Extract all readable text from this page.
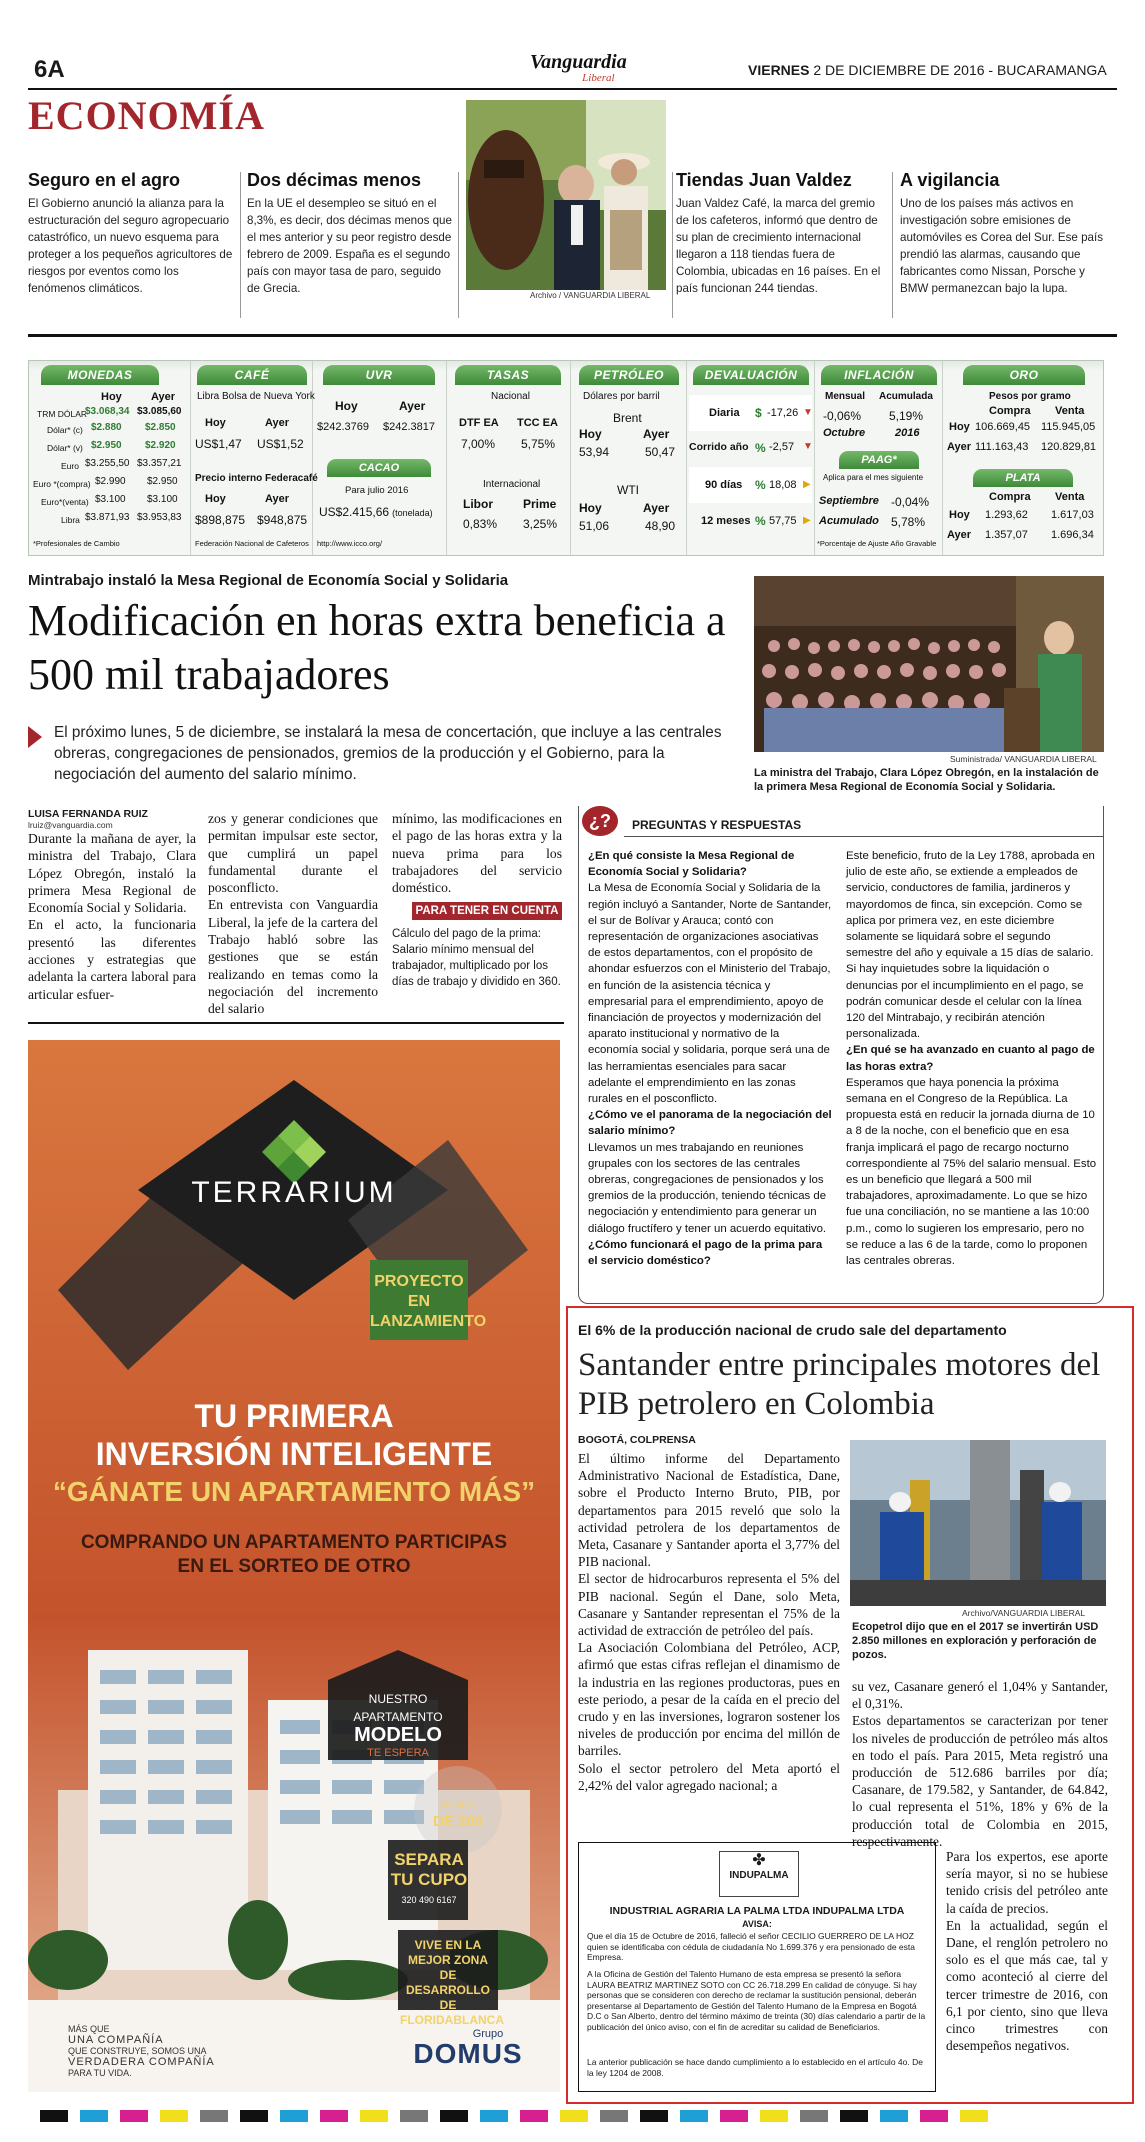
6A	Vanguardia
Liberal	VIERNES 2 DE DICIEMBRE DE 2016 - BUCARAMANGA
ECONOMÍA
Seguro en el agro

El Gobierno anunció la alianza para la estructuración del seguro agropecuario catastrófico, un nuevo esquema para proteger a los pequeños agricultores de riesgos por eventos como los fenómenos climáticos.

Dos décimas menos

En la UE el desempleo se situó en el 8,3%, es decir, dos décimas menos que el mes anterior y su peor registro desde febrero de 2009. España es el segundo país con mayor tasa de paro, seguido de Grecia.

Archivo / VANGUARDIA LIBERAL
Tiendas Juan Valdez

Juan Valdez Café, la marca del gremio de los cafeteros, informó que dentro de su plan de crecimiento internacional llegaron a 118 tiendas fuera de Colombia, ubicadas en 16 países. En el país funcionan 244 tiendas.

A vigilancia

Uno de los países más activos en investigación sobre emisiones de automóviles es Corea del Sur. Ese país prendió las alarmas, causando que fabricantes como Nissan, Porsche y BMW permanezcan bajo la lupa.

MONEDAS
Hoy	Ayer
TRM DÓLAR
$3.068,34 $3.085,60
Dólar* (c) $2.880 $2.850
Dólar* (v) $2.950 $2.920
Euro $3.255,50 $3.357,21
Euro *(compra) $2.990 $2.950
Euro*(venta) $3.100 $3.100
Libra $3.871,93 $3.953,83
*Profesionales de Cambio
CAFÉ
Libra Bolsa de Nueva York
Hoy	Ayer
US$1,47 US$1,52
Precio interno Federacafé
Hoy	Ayer
$898,875 $948,875
Federación Nacional de Cafeteros
UVR
Hoy	Ayer
$242.3769 $242.3817
CACAO
Para julio 2016
US$2.415,66 (tonelada)
http://www.icco.org/
TASAS
Nacional
DTF EA TCC EA
7,00% 5,75%
Internacional
Libor	Prime
0,83% 3,25%
PETRÓLEO
Dólares por barril
Brent
Hoy	Ayer
53,94	50,47
WTI
Hoy	Ayer
51,06	48,90
DEVALUACIÓN
Diaria $ -17,26 ▼
Corrido año % -2,57 ▼
90 días % 18,08 ▶
12 meses % 57,75 ▶
INFLACIÓN
Mensual Acumulada
-0,06% 5,19%
Octubre	2016
PAAG*
Aplica para el mes siguiente
Septiembre -0,04%
Acumulado 5,78%
*Porcentaje de Ajuste Año Gravable
ORO
Pesos por gramo
Compra Venta
Hoy 106.669,45 115.945,05
Ayer 111.163,43 120.829,81
PLATA
Compra Venta
Hoy 1.293,62 1.617,03
Ayer 1.357,07 1.696,34
Mintrabajo instaló la Mesa Regional de Economía Social y Solidaria
Modificación en horas extra beneficia a 500 mil trabajadores
El próximo lunes, 5 de diciembre, se instalará la mesa de concertación, que incluye a las centrales obreras, congregaciones de pensionados, gremios de la producción y el Gobierno, para la negociación del aumento del salario mínimo.
Suministrada/ VANGUARDIA LIBERAL
La ministra del Trabajo, Clara López Obregón, en la instalación de la primera Mesa Regional de Economía Social y Solidaria.
LUISA FERNANDA RUIZ
lruiz@vanguardia.com
Durante la mañana de ayer, la ministra del Trabajo, Clara López Obregón, instaló la primera Mesa Regional de Economía Social y Solidaria.
En el acto, la funcionaria presentó las diferentes acciones y estrategias que adelanta la cartera laboral para articular esfuer-
zos y generar condiciones que permitan impulsar este sector, que cumplirá un papel fundamental durante el posconflicto.
En entrevista con Vanguardia Liberal, la jefe de la cartera del Trabajo habló sobre las gestiones que se están realizando en temas como la negociación del incremento del salario
mínimo, las modificaciones en el pago de las horas extra y la nueva prima para los trabajadores del servicio doméstico.
PARA TENER EN CUENTA
Cálculo del pago de la prima: Salario mínimo mensual del trabajador, multiplicado por los días de trabajo y dividido en 360.
¿?	PREGUNTAS Y RESPUESTAS
¿En qué consiste la Mesa Regional de Economía Social y Solidaria?
La Mesa de Economía Social y Solidaria de la región incluyó a Santander, Norte de Santander, el sur de Bolívar y Arauca; contó con representación de organizaciones asociativas de estos departamentos, con el propósito de ahondar esfuerzos con el Ministerio del Trabajo, en función de la asistencia técnica y empresarial para el emprendimiento, apoyo de financiación de proyectos y modernización del aparato institucional y normativo de la economía social y solidaria, porque será una de las herramientas esenciales para sacar adelante el emprendimiento en las zonas rurales en el posconflicto.
¿Cómo ve el panorama de la negociación del salario mínimo?
Llevamos un mes trabajando en reuniones grupales con los sectores de las centrales obreras, congregaciones de pensionados y los gremios de la producción, teniendo técnicas de negociación y entendimiento para generar un diálogo fructífero y tener un acuerdo equitativo.
¿Cómo funcionará el pago de la prima para el servicio doméstico?
Este beneficio, fruto de la Ley 1788, aprobada en julio de este año, se extiende a empleados de servicio, conductores de familia, jardineros y mayordomos de finca, sin excepción. Como se aplica por primera vez, en este diciembre solamente se liquidará sobre el segundo semestre del año y equivale a 15 días de salario.
Si hay inquietudes sobre la liquidación o denuncias por el incumplimiento en el pago, se podrán comunicar desde el celular con la línea 120 del Mintrabajo, y recibirán atención personalizada.
¿En qué se ha avanzado en cuanto al pago de las horas extra?
Esperamos que haya ponencia la próxima semana en el Congreso de la República. La propuesta está en reducir la jornada diurna de 10 a 8 de la noche, con el beneficio que en esa franja implicará el pago de recargo nocturno correspondiente al 75% del salario mensual. Esto es un beneficio que llegará a 500 mil trabajadores, aproximadamente. Lo que se hizo fue una conciliación, no se mantiene a las 10:00 p.m., como lo sugieren los empresario, pero no se reduce a las 6 de la tarde, como lo proponen las centrales obreras.
TERRARIUM
PROYECTO EN LANZAMIENTO
TU PRIMERA
INVERSIÓN INTELIGENTE
“GÁNATE UN APARTAMENTO MÁS”
COMPRANDO UN APARTAMENTO PARTICIPAS
EN EL SORTEO DE OTRO
NUESTRO
APARTAMENTO
MODELO
TE ESPERA
DESDE
DE 200
SEPARA
TU CUPO
320 490 6167
VIVE EN LA MEJOR ZONA DE DESARROLLO DE FLORIDABLANCA
MÁS QUE
UNA COMPAÑÍA
QUE CONSTRUYE, SOMOS UNA
VERDADERA COMPAÑÍA
PARA TU VIDA.
Grupo
DOMUS
El 6% de la producción nacional de crudo sale del departamento
Santander entre principales motores del PIB petrolero en Colombia
BOGOTÁ, COLPRENSA
El último informe del Departamento Administrativo Nacional de Estadística, Dane, sobre el Producto Interno Bruto, PIB, por departamentos para 2015 reveló que solo la actividad petrolera de los departamentos de Meta, Casanare y Santander aporta el 3,77% del PIB nacional.
El sector de hidrocarburos representa el 5% del PIB nacional. Según el Dane, solo Meta, Casanare y Santander representan el 75% de la actividad de extracción de petróleo del país.
La Asociación Colombiana del Petróleo, ACP, afirmó que estas cifras reflejan el dinamismo de la industria en las regiones productoras, pues en este periodo, a pesar de la caída en el precio del crudo y en las inversiones, lograron sostener los niveles de producción por encima del millón de barriles.
Solo el sector petrolero del Meta aportó el 2,42% del valor agregado nacional; a
Archivo/VANGUARDIA LIBERAL
Ecopetrol dijo que en el 2017 se invertirán USD 2.850 millones en exploración y perforación de pozos.
su vez, Casanare generó el 1,04% y Santander, el 0,31%.
Estos departamentos se caracterizan por tener los niveles de producción de petróleo más altos en todo el país. Para 2015, Meta registró una producción de 512.686 barriles por día; Casanare, de 179.582, y Santander, de 64.842, lo cual representa el 51%, 18% y 6% de la producción total de Colombia en 2015, respectivamente.
Para los expertos, ese aporte sería mayor, si no se hubiese tenido crisis del petróleo ante la caída de precios.
En la actualidad, según el Dane, el renglón petrolero no solo es el que más cae, tal y como aconteció al cierre del tercer trimestre de 2016, con 6,1 por ciento, sino que lleva cinco trimestres con desempeños negativos.
✤
INDUPALMA
INDUSTRIAL AGRARIA LA PALMA LTDA INDUPALMA LTDA
AVISA:
Que el día 15 de Octubre de 2016, falleció el señor CECILIO GUERRERO DE LA HOZ quien se identificaba con cédula de ciudadanía No 1.699.376 y era pensionado de esta Empresa.
A la Oficina de Gestión del Talento Humano de esta empresa se presentó la señora LAURA BEATRIZ MARTINEZ SOTO con CC 26.718.299 En calidad de cónyuge. Si hay personas que se consideren con derecho de reclamar la sustitución pensional, deberán presentarse al Departamento de Gestión del Talento Humano de la Empresa en Bogotá D.C o San Alberto, dentro del término máximo de treinta (30) días calendario a partir de la publicación del único aviso, con el fin de acreditar su calidad de Beneficiarios.
La anterior publicación se hace dando cumplimiento a lo establecido en el artículo 4o. De la ley 1204 de 2008.
